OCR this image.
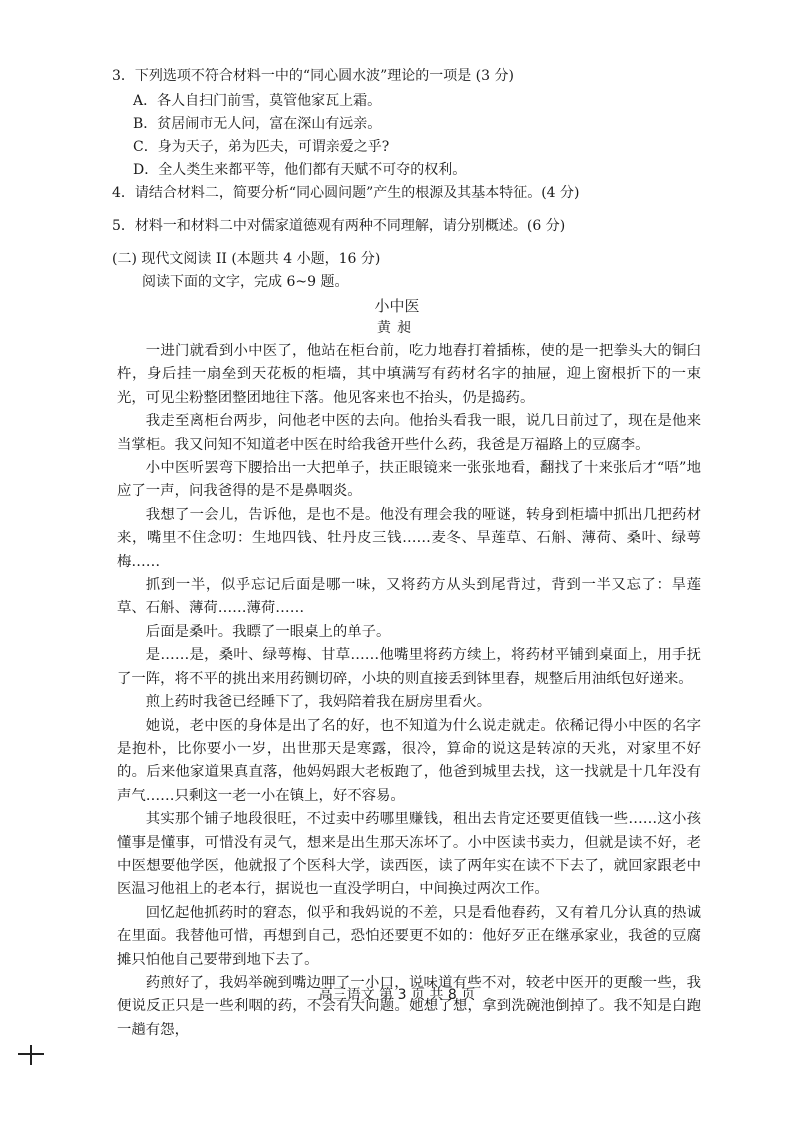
3．下列选项不符合材料一中的“同心圆水波”理论的一项是 (3 分)
A．各人自扫门前雪，莫管他家瓦上霜。
B．贫居闹市无人问，富在深山有远亲。
C．身为天子，弟为匹夫，可谓亲爱之乎?
D．全人类生来都平等，他们都有天赋不可夺的权利。
4．请结合材料二，简要分析“同心圆问题”产生的根源及其基本特征。(4 分)
5．材料一和材料二中对儒家道德观有两种不同理解，请分别概述。(6 分)
(二) 现代文阅读 II (本题共 4 小题，16 分)
阅读下面的文字，完成 6~9 题。
小中医
黄昶

一进门就看到小中医了，他站在柜台前，吃力地舂打着插栋，使的是一把拳头大的铜臼杵，身后挂一扇垒到天花板的柜墙，其中填满写有药材名字的抽屉，迎上窗根折下的一束光，可见尘粉整团整团地往下落。他见客来也不抬头，仍是捣药。

我走至离柜台两步，问他老中医的去向。他抬头看我一眼，说几日前过了，现在是他来当掌柜。我又问知不知道老中医在时给我爸开些什么药，我爸是万福路上的豆腐李。

小中医听罢弯下腰拾出一大把单子，扶正眼镜来一张张地看，翻找了十来张后才“唔”地应了一声，问我爸得的是不是鼻咽炎。

我想了一会儿，告诉他，是也不是。他没有理会我的哑谜，转身到柜墙中抓出几把药材来，嘴里不住念叨：生地四钱、牡丹皮三钱……麦冬、旱莲草、石斛、薄荷、桑叶、绿萼梅……

抓到一半，似乎忘记后面是哪一味，又将药方从头到尾背过，背到一半又忘了：旱莲草、石斛、薄荷……薄荷……

后面是桑叶。我瞟了一眼桌上的单子。

是……是，桑叶、绿萼梅、甘草……他嘴里将药方续上，将药材平铺到桌面上，用手抚了一阵，将不平的挑出来用药铡切碎，小块的则直接丢到钵里舂，规整后用油纸包好递来。

煎上药时我爸已经睡下了，我妈陪着我在厨房里看火。

她说，老中医的身体是出了名的好，也不知道为什么说走就走。依稀记得小中医的名字是抱朴，比你要小一岁，出世那天是寒露，很冷，算命的说这是转凉的天兆，对家里不好的。后来他家道果真直落，他妈妈跟大老板跑了，他爸到城里去找，这一找就是十几年没有声气……只剩这一老一小在镇上，好不容易。

其实那个铺子地段很旺，不过卖中药哪里赚钱，租出去肯定还要更值钱一些……这小孩懂事是懂事，可惜没有灵气，想来是出生那天冻坏了。小中医读书卖力，但就是读不好，老中医想要他学医，他就报了个医科大学，读西医，读了两年实在读不下去了，就回家跟老中医温习他祖上的老本行，据说也一直没学明白，中间换过两次工作。

回忆起他抓药时的窘态，似乎和我妈说的不差，只是看他舂药，又有着几分认真的热诚在里面。我替他可惜，再想到自己，恐怕还要更不如的：他好歹正在继承家业，我爸的豆腐摊只怕他自己要带到地下去了。

药煎好了，我妈举碗到嘴边呷了一小口，说味道有些不对，较老中医开的更酸一些，我便说反正只是一些利咽的药，不会有大问题。她想了想，拿到洗碗池倒掉了。我不知是白跑一趟有怨，

高三语文 第 3 页 共 8 页
